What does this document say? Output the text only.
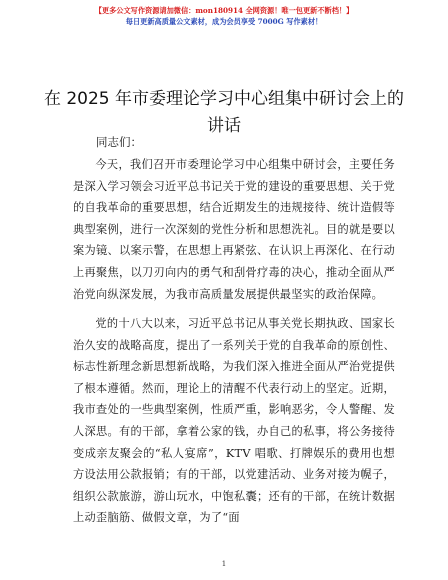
【更多公文写作资源请加微信：mon180914 全网资源！唯一包更新不断档！】
每日更新高质量公文素材，成为会员享受 7000G 写作素材！
在 2025 年市委理论学习中心组集中研讨会上的讲话
同志们：

今天，我们召开市委理论学习中心组集中研讨会，主要任务是深入学习领会习近平总书记关于党的建设的重要思想、关于党的自我革命的重要思想，结合近期发生的违规接待、统计造假等典型案例，进行一次深刻的党性分析和思想洗礼。目的就是要以案为镜、以案示警，在思想上再紧弦、在认识上再深化、在行动上再聚焦，以刀刃向内的勇气和刮骨疗毒的决心，推动全面从严治党向纵深发展，为我市高质量发展提供最坚实的政治保障。

党的十八大以来，习近平总书记从事关党长期执政、国家长治久安的战略高度，提出了一系列关于党的自我革命的原创性、标志性新理念新思想新战略，为我们深入推进全面从严治党提供了根本遵循。然而，理论上的清醒不代表行动上的坚定。近期，我市查处的一些典型案例，性质严重，影响恶劣，令人警醒、发人深思。有的干部，拿着公家的钱，办自己的私事，将公务接待变成亲友聚会的“私人宴席”，KTV 唱歌、打牌娱乐的费用也想方设法用公款报销；有的干部，以党建活动、业务对接为幌子，组织公款旅游，游山玩水，中饱私囊；还有的干部，在统计数据上动歪脑筋、做假文章，为了“面

1
